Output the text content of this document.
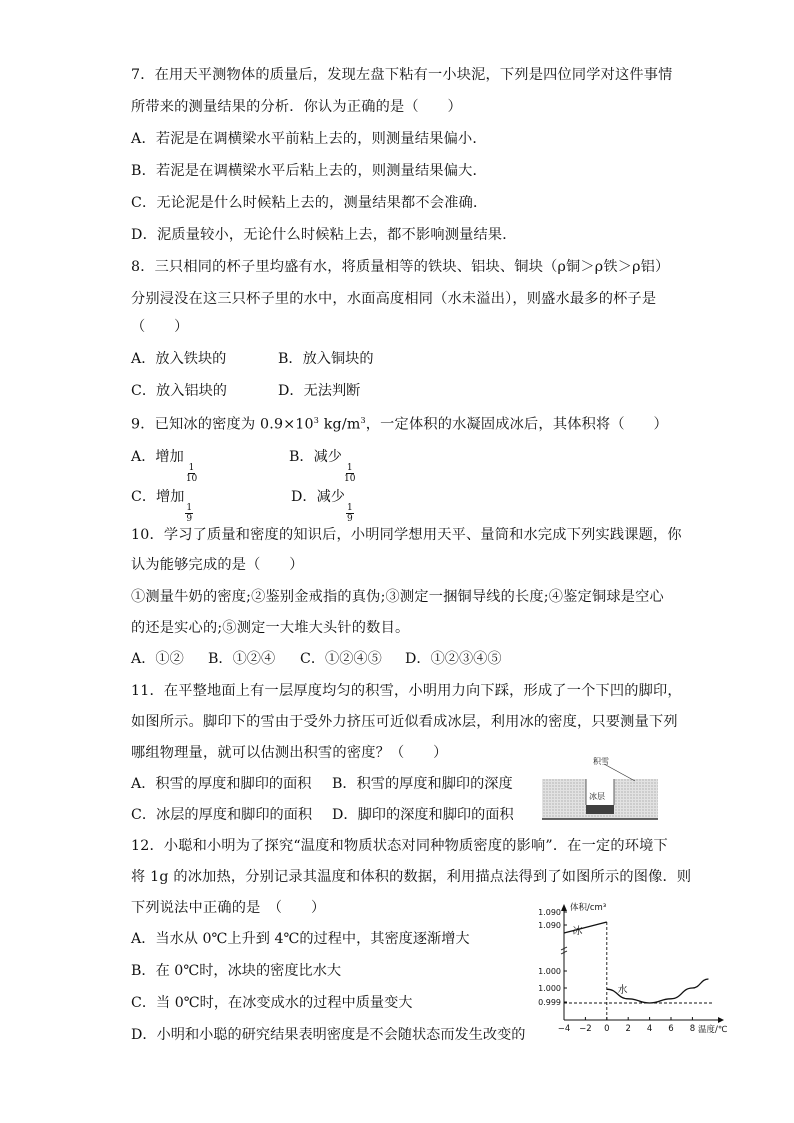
7．在用天平测物体的质量后，发现左盘下粘有一小块泥，下列是四位同学对这件事情
所带来的测量结果的分析．你认为正确的是（　　）
A．若泥是在调横梁水平前粘上去的，则测量结果偏小．
B．若泥是在调横梁水平后粘上去的，则测量结果偏大．
C．无论泥是什么时候粘上去的，测量结果都不会准确．
D．泥质量较小，无论什么时候粘上去，都不影响测量结果．
8．三只相同的杯子里均盛有水，将质量相等的铁块、铝块、铜块（ρ铜＞ρ铁＞ρ铝）
分别浸没在这三只杯子里的水中，水面高度相同（水未溢出），则盛水最多的杯子是
（　　）
A．放入铁块的	B．放入铜块的
C．放入铝块的	D．无法判断
9．已知冰的密度为 $0.9\times 10^3$ $kg/m^3$，一定体积的水凝固成冰后，其体积将（　　）
A．增加
$\frac{1}{10}$
B．减少
$\frac{1}{10}$
C．增加
$\frac{1}{9}$
D．减少
$\frac{1}{9}$
10．学习了质量和密度的知识后，小明同学想用天平、量筒和水完成下列实践课题，你
认为能够完成的是（　　）
①测量牛奶的密度;②鉴别金戒指的真伪;③测定一捆铜导线的长度;④鉴定铜球是空心
的还是实心的;⑤测定一大堆大头针的数目。
A．①② B．①②④ C．①②④⑤ D．①②③④⑤
11．在平整地面上有一层厚度均匀的积雪，小明用力向下踩，形成了一个下凹的脚印，
如图所示。脚印下的雪由于受外力挤压可近似看成冰层，利用冰的密度，只要测量下列
哪组物理量，就可以估测出积雪的密度？（　　）
A．积雪的厚度和脚印的面积 B．积雪的厚度和脚印的深度
C．冰层的厚度和脚印的面积 D．脚印的深度和脚印的面积
积雪
冰层
12．小聪和小明为了探究“温度和物质状态对同种物质密度的影响”．在一定的环境下
将 1g 的冰加热，分别记录其温度和体积的数据，利用描点法得到了如图所示的图像．则
下列说法中正确的是　（　　）
A．当水从 0℃上升到 4℃的过程中，其密度逐渐增大
B．在 0℃时，冰块的密度比水大
C．当 0℃时，在冰变成水的过程中质量变大
D．小明和小聪的研究结果表明密度是不会随状态而发生改变的	−4 −2 0 2 4 6 8
1.090
1.090
1.000
1.000
0.999
冰
水
体积/cm³
温度/℃
